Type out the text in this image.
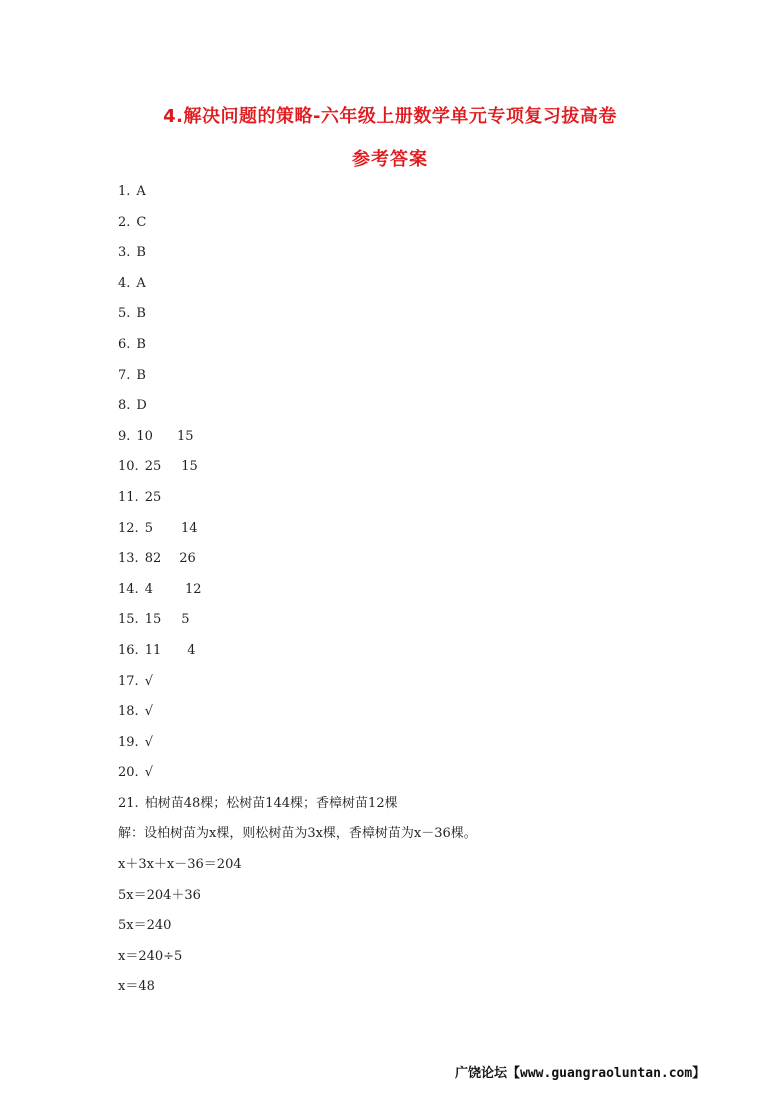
4.解决问题的策略-六年级上册数学单元专项复习拔高卷
参考答案
1. A
2. C
3. B
4. A
5. B
6. B
7. B
8. D
9. 10 15
10. 25 15
11. 25
12. 5 14
13. 82 26
14. 4 12
15. 15 5
16. 11 4
17. √
18. √
19. √
20. √
21. 柏树苗48棵；松树苗144棵；香樟树苗12棵
解：设柏树苗为x棵，则松树苗为3x棵，香樟树苗为x－36棵。
x＋3x＋x－36＝204
5x＝204＋36
5x＝240
x＝240÷5
x＝48
广饶论坛【www.guangraoluntan.com】
